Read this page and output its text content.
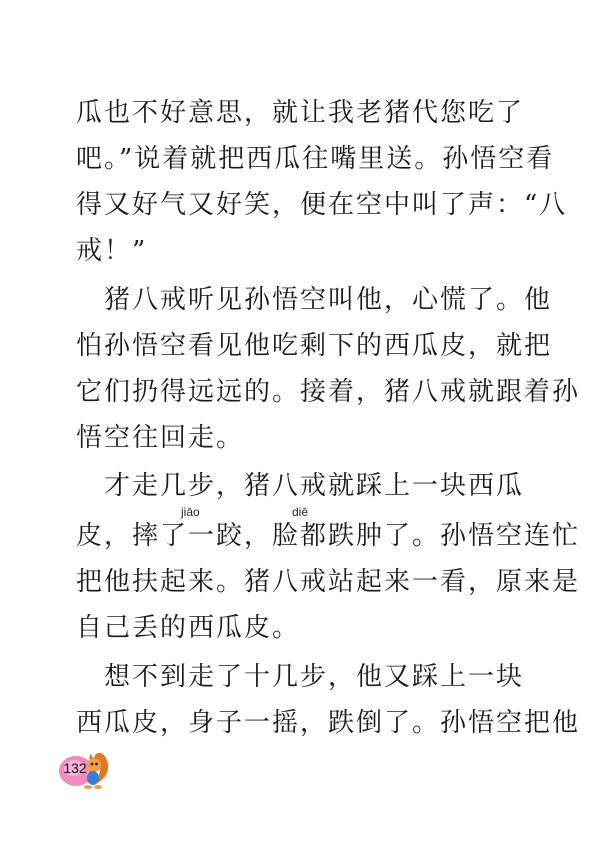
瓜也不好意思，就让我老猪代您吃了
吧。”说着就把西瓜往嘴里送。孙悟空看
得又好气又好笑，便在空中叫了声：“八
戒！”
　猪八戒听见孙悟空叫他，心慌了。他
怕孙悟空看见他吃剩下的西瓜皮，就把
它们扔得远远的。接着，猪八戒就跟着孙
悟空往回走。
　才走几步，猪八戒就踩上一块西瓜
jiāo	diē
皮，摔了一跤，脸都跌肿了。孙悟空连忙
把他扶起来。猪八戒站起来一看，原来是
自己丢的西瓜皮。
　想不到走了十几步，他又踩上一块
西瓜皮，身子一摇，跌倒了。孙悟空把他
132
